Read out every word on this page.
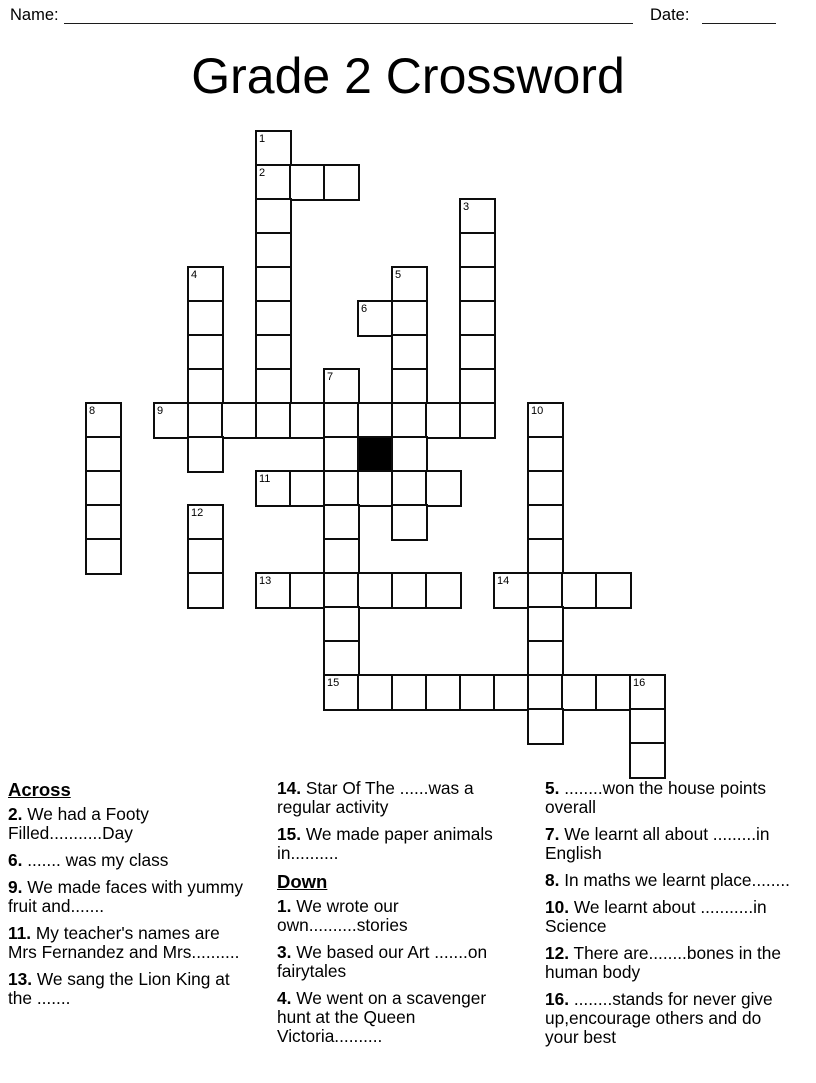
Name:	Date:
Grade 2 Crossword
1
2
3
4	5
6
7
8	9	10
11
12
13	14
15	16
Across

2. We had a Footy Filled...........Day

6. ....... was my class

9. We made faces with yummy fruit and.......

11. My teacher's names are Mrs Fernandez and Mrs..........

13. We sang the Lion King at the .......

14. Star Of The ......was a regular activity

15. We made paper animals in..........

Down

1. We wrote our own..........stories

3. We based our Art .......on fairytales

4. We went on a scavenger hunt at the Queen Victoria..........

5. ........won the house points overall

7. We learnt all about .........in English

8. In maths we learnt place........

10. We learnt about ...........in Science

12. There are........bones in the human body

16. ........stands for never give up,encourage others and do your best
